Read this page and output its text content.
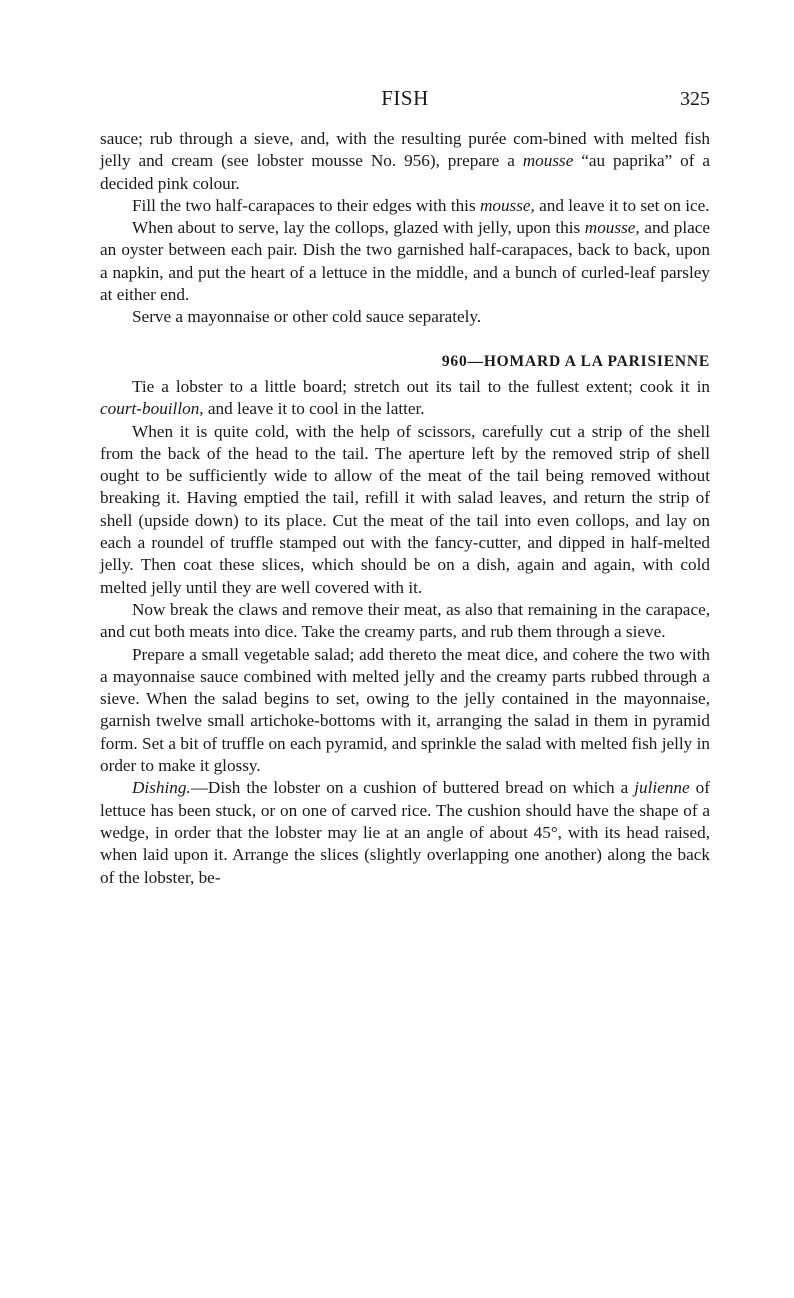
FISH	325

sauce; rub through a sieve, and, with the resulting purée com-bined with melted fish jelly and cream (see lobster mousse No. 956), prepare a mousse “au paprika” of a decided pink colour.

Fill the two half-carapaces to their edges with this mousse, and leave it to set on ice.

When about to serve, lay the collops, glazed with jelly, upon this mousse, and place an oyster between each pair. Dish the two garnished half-carapaces, back to back, upon a napkin, and put the heart of a lettuce in the middle, and a bunch of curled-leaf parsley at either end.

Serve a mayonnaise or other cold sauce separately.

960—HOMARD A LA PARISIENNE

Tie a lobster to a little board; stretch out its tail to the fullest extent; cook it in court-bouillon, and leave it to cool in the latter.

When it is quite cold, with the help of scissors, carefully cut a strip of the shell from the back of the head to the tail. The aperture left by the removed strip of shell ought to be sufficiently wide to allow of the meat of the tail being removed without breaking it. Having emptied the tail, refill it with salad leaves, and return the strip of shell (upside down) to its place. Cut the meat of the tail into even collops, and lay on each a roundel of truffle stamped out with the fancy-cutter, and dipped in half-melted jelly. Then coat these slices, which should be on a dish, again and again, with cold melted jelly until they are well covered with it.

Now break the claws and remove their meat, as also that remaining in the carapace, and cut both meats into dice. Take the creamy parts, and rub them through a sieve.

Prepare a small vegetable salad; add thereto the meat dice, and cohere the two with a mayonnaise sauce combined with melted jelly and the creamy parts rubbed through a sieve. When the salad begins to set, owing to the jelly contained in the mayonnaise, garnish twelve small artichoke-bottoms with it, arranging the salad in them in pyramid form. Set a bit of truffle on each pyramid, and sprinkle the salad with melted fish jelly in order to make it glossy.

Dishing.—Dish the lobster on a cushion of buttered bread on which a julienne of lettuce has been stuck, or on one of carved rice. The cushion should have the shape of a wedge, in order that the lobster may lie at an angle of about 45°, with its head raised, when laid upon it. Arrange the slices (slightly overlapping one another) along the back of the lobster, be-
